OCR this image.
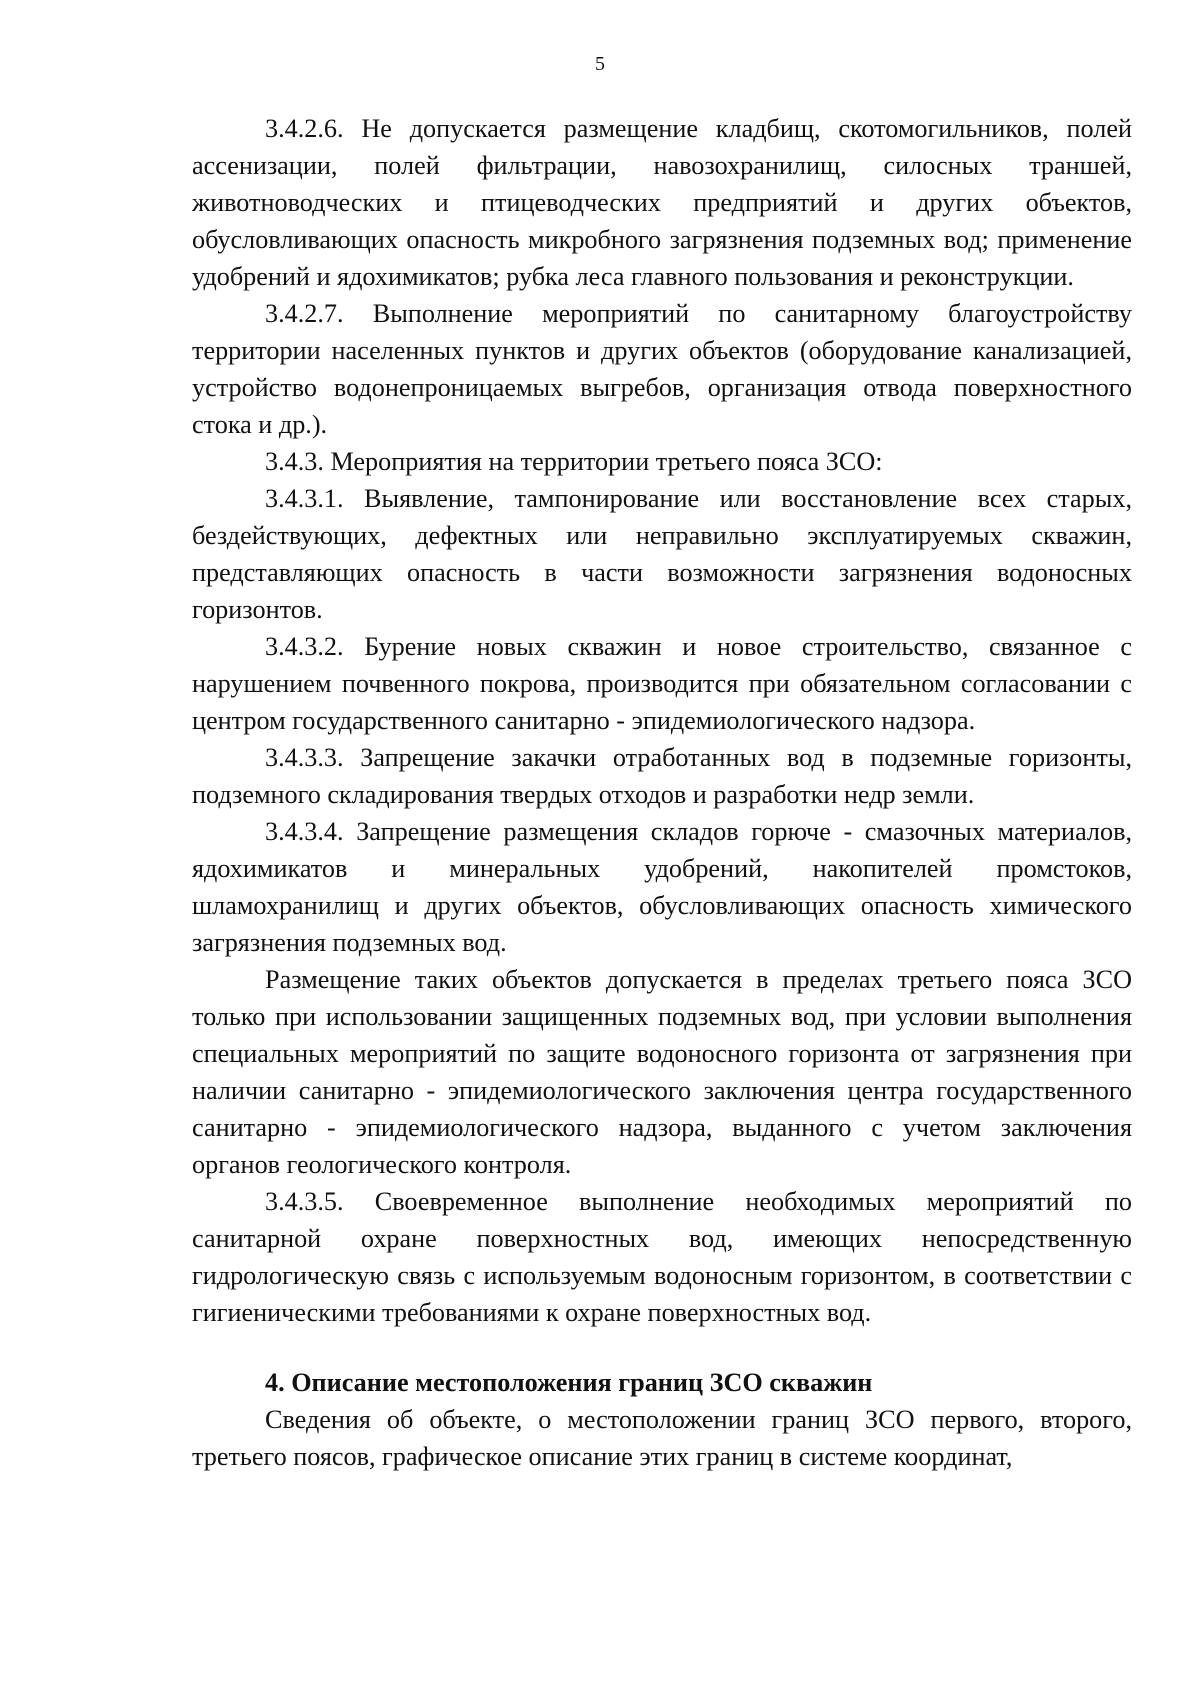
5

3.4.2.6. Не допускается размещение кладбищ, скотомогильников, полей ассенизации, полей фильтрации, навозохранилищ, силосных траншей, животноводческих и птицеводческих предприятий и других объектов, обусловливающих опасность микробного загрязнения подземных вод; применение удобрений и ядохимикатов; рубка леса главного пользования и реконструкции.

3.4.2.7. Выполнение мероприятий по санитарному благоустройству территории населенных пунктов и других объектов (оборудование канализацией, устройство водонепроницаемых выгребов, организация отвода поверхностного стока и др.).

3.4.3. Мероприятия на территории третьего пояса ЗСО:

3.4.3.1. Выявление, тампонирование или восстановление всех старых, бездействующих, дефектных или неправильно эксплуатируемых скважин, представляющих опасность в части возможности загрязнения водоносных горизонтов.

3.4.3.2. Бурение новых скважин и новое строительство, связанное с нарушением почвенного покрова, производится при обязательном согласовании с центром государственного санитарно - эпидемиологического надзора.

3.4.3.3. Запрещение закачки отработанных вод в подземные горизонты, подземного складирования твердых отходов и разработки недр земли.

3.4.3.4. Запрещение размещения складов горюче - смазочных материалов, ядохимикатов и минеральных удобрений, накопителей промстоков, шламохранилищ и других объектов, обусловливающих опасность химического загрязнения подземных вод.

Размещение таких объектов допускается в пределах третьего пояса ЗСО только при использовании защищенных подземных вод, при условии выполнения специальных мероприятий по защите водоносного горизонта от загрязнения при наличии санитарно - эпидемиологического заключения центра государственного санитарно - эпидемиологического надзора, выданного с учетом заключения органов геологического контроля.

3.4.3.5. Своевременное выполнение необходимых мероприятий по санитарной охране поверхностных вод, имеющих непосредственную гидрологическую связь с используемым водоносным горизонтом, в соответствии с гигиеническими требованиями к охране поверхностных вод.

4. Описание местоположения границ ЗСО скважин

Сведения об объекте, о местоположении границ ЗСО первого, второго, третьего поясов, графическое описание этих границ в системе координат,
